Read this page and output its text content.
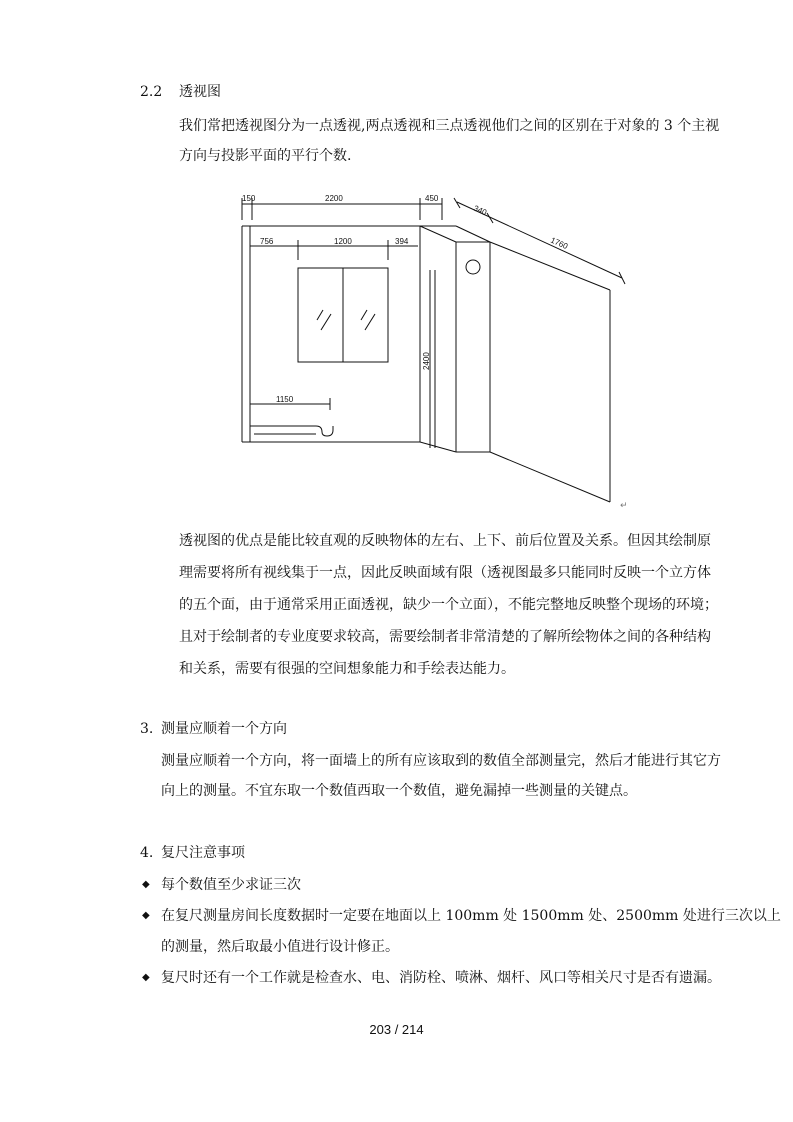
2.2 透视图
我们常把透视图分为一点透视,两点透视和三点透视他们之间的区别在于对象的 3 个主视
方向与投影平面的平行个数.
150	2200	450
340
1760
756	1200	394
2400
1150
↵
透视图的优点是能比较直观的反映物体的左右、上下、前后位置及关系。但因其绘制原
理需要将所有视线集于一点，因此反映面域有限（透视图最多只能同时反映一个立方体
的五个面，由于通常采用正面透视，缺少一个立面），不能完整地反映整个现场的环境；
且对于绘制者的专业度要求较高，需要绘制者非常清楚的了解所绘物体之间的各种结构
和关系，需要有很强的空间想象能力和手绘表达能力。
3. 测量应顺着一个方向
测量应顺着一个方向，将一面墙上的所有应该取到的数值全部测量完，然后才能进行其它方
向上的测量。不宜东取一个数值西取一个数值，避免漏掉一些测量的关键点。
4. 复尺注意事项
◆ 每个数值至少求证三次
◆ 在复尺测量房间长度数据时一定要在地面以上 100mm 处 1500mm 处、2500mm 处进行三次以上
的测量，然后取最小值进行设计修正。
◆ 复尺时还有一个工作就是检查水、电、消防栓、喷淋、烟杆、风口等相关尺寸是否有遗漏。
203 / 214
